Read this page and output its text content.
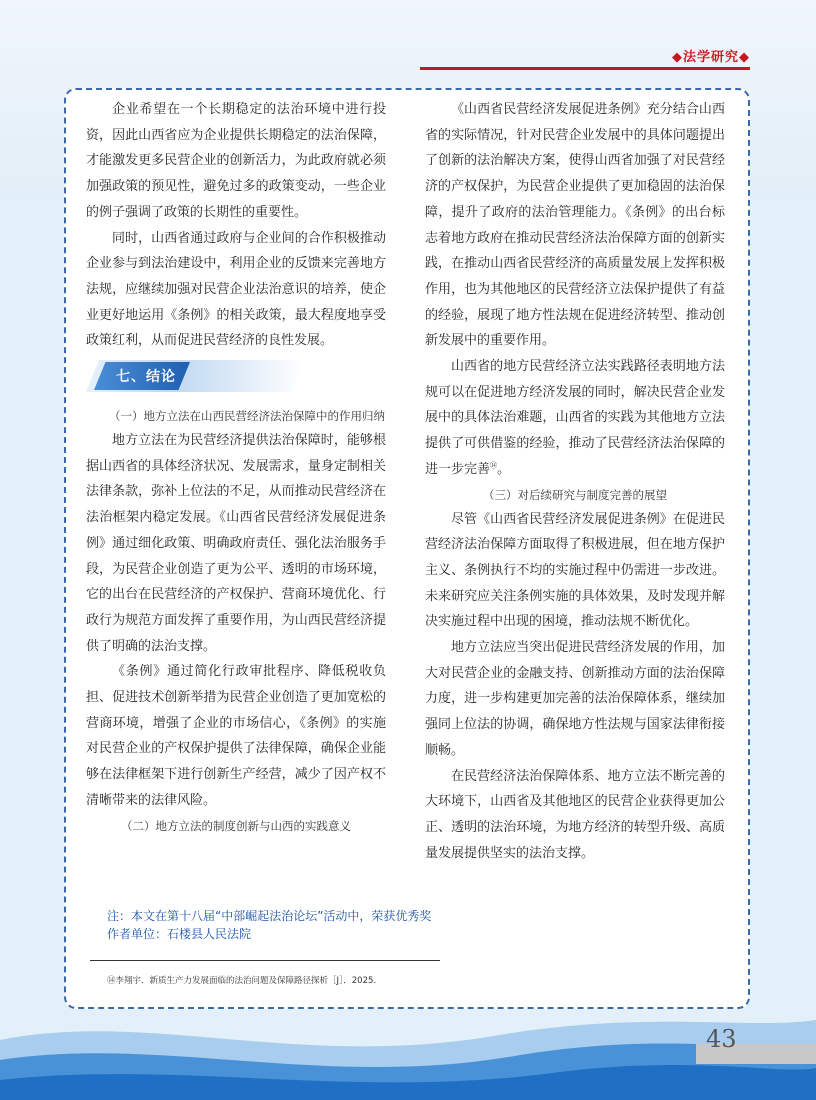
◆法学研究◆

企业希望在一个长期稳定的法治环境中进行投资，因此山西省应为企业提供长期稳定的法治保障，才能激发更多民营企业的创新活力，为此政府就必须加强政策的预见性，避免过多的政策变动，一些企业的例子强调了政策的长期性的重要性。

同时，山西省通过政府与企业间的合作积极推动企业参与到法治建设中，利用企业的反馈来完善地方法规，应继续加强对民营企业法治意识的培养，使企业更好地运用《条例》的相关政策，最大程度地享受政策红利，从而促进民营经济的良性发展。

七、结论

（一）地方立法在山西民营经济法治保障中的作用归纳

地方立法在为民营经济提供法治保障时，能够根据山西省的具体经济状况、发展需求，量身定制相关法律条款，弥补上位法的不足，从而推动民营经济在法治框架内稳定发展。《山西省民营经济发展促进条例》通过细化政策、明确政府责任、强化法治服务手段，为民营企业创造了更为公平、透明的市场环境，它的出台在民营经济的产权保护、营商环境优化、行政行为规范方面发挥了重要作用，为山西民营经济提供了明确的法治支撑。

《条例》通过简化行政审批程序、降低税收负担、促进技术创新举措为民营企业创造了更加宽松的营商环境，增强了企业的市场信心，《条例》的实施对民营企业的产权保护提供了法律保障，确保企业能够在法律框架下进行创新生产经营，减少了因产权不清晰带来的法律风险。

（二）地方立法的制度创新与山西的实践意义

《山西省民营经济发展促进条例》充分结合山西省的实际情况，针对民营企业发展中的具体问题提出了创新的法治解决方案，使得山西省加强了对民营经济的产权保护，为民营企业提供了更加稳固的法治保障，提升了政府的法治管理能力。《条例》的出台标志着地方政府在推动民营经济法治保障方面的创新实践，在推动山西省民营经济的高质量发展上发挥积极作用，也为其他地区的民营经济立法保护提供了有益的经验，展现了地方性法规在促进经济转型、推动创新发展中的重要作用。

山西省的地方民营经济立法实践路径表明地方法规可以在促进地方经济发展的同时，解决民营企业发展中的具体法治难题，山西省的实践为其他地方立法提供了可供借鉴的经验，推动了民营经济法治保障的进一步完善⑭。

（三）对后续研究与制度完善的展望

尽管《山西省民营经济发展促进条例》在促进民营经济法治保障方面取得了积极进展，但在地方保护主义、条例执行不均的实施过程中仍需进一步改进。未来研究应关注条例实施的具体效果，及时发现并解决实施过程中出现的困境，推动法规不断优化。

地方立法应当突出促进民营经济发展的作用，加大对民营企业的金融支持、创新推动方面的法治保障力度，进一步构建更加完善的法治保障体系，继续加强同上位法的协调，确保地方性法规与国家法律衔接顺畅。

在民营经济法治保障体系、地方立法不断完善的大环境下，山西省及其他地区的民营企业获得更加公正、透明的法治环境，为地方经济的转型升级、高质量发展提供坚实的法治支撑。

注：本文在第十八届“中部崛起法治论坛”活动中，荣获优秀奖
作者单位：石楼县人民法院
⑭李翔宇．新质生产力发展面临的法治问题及保障路径探析［J］．2025.
43
